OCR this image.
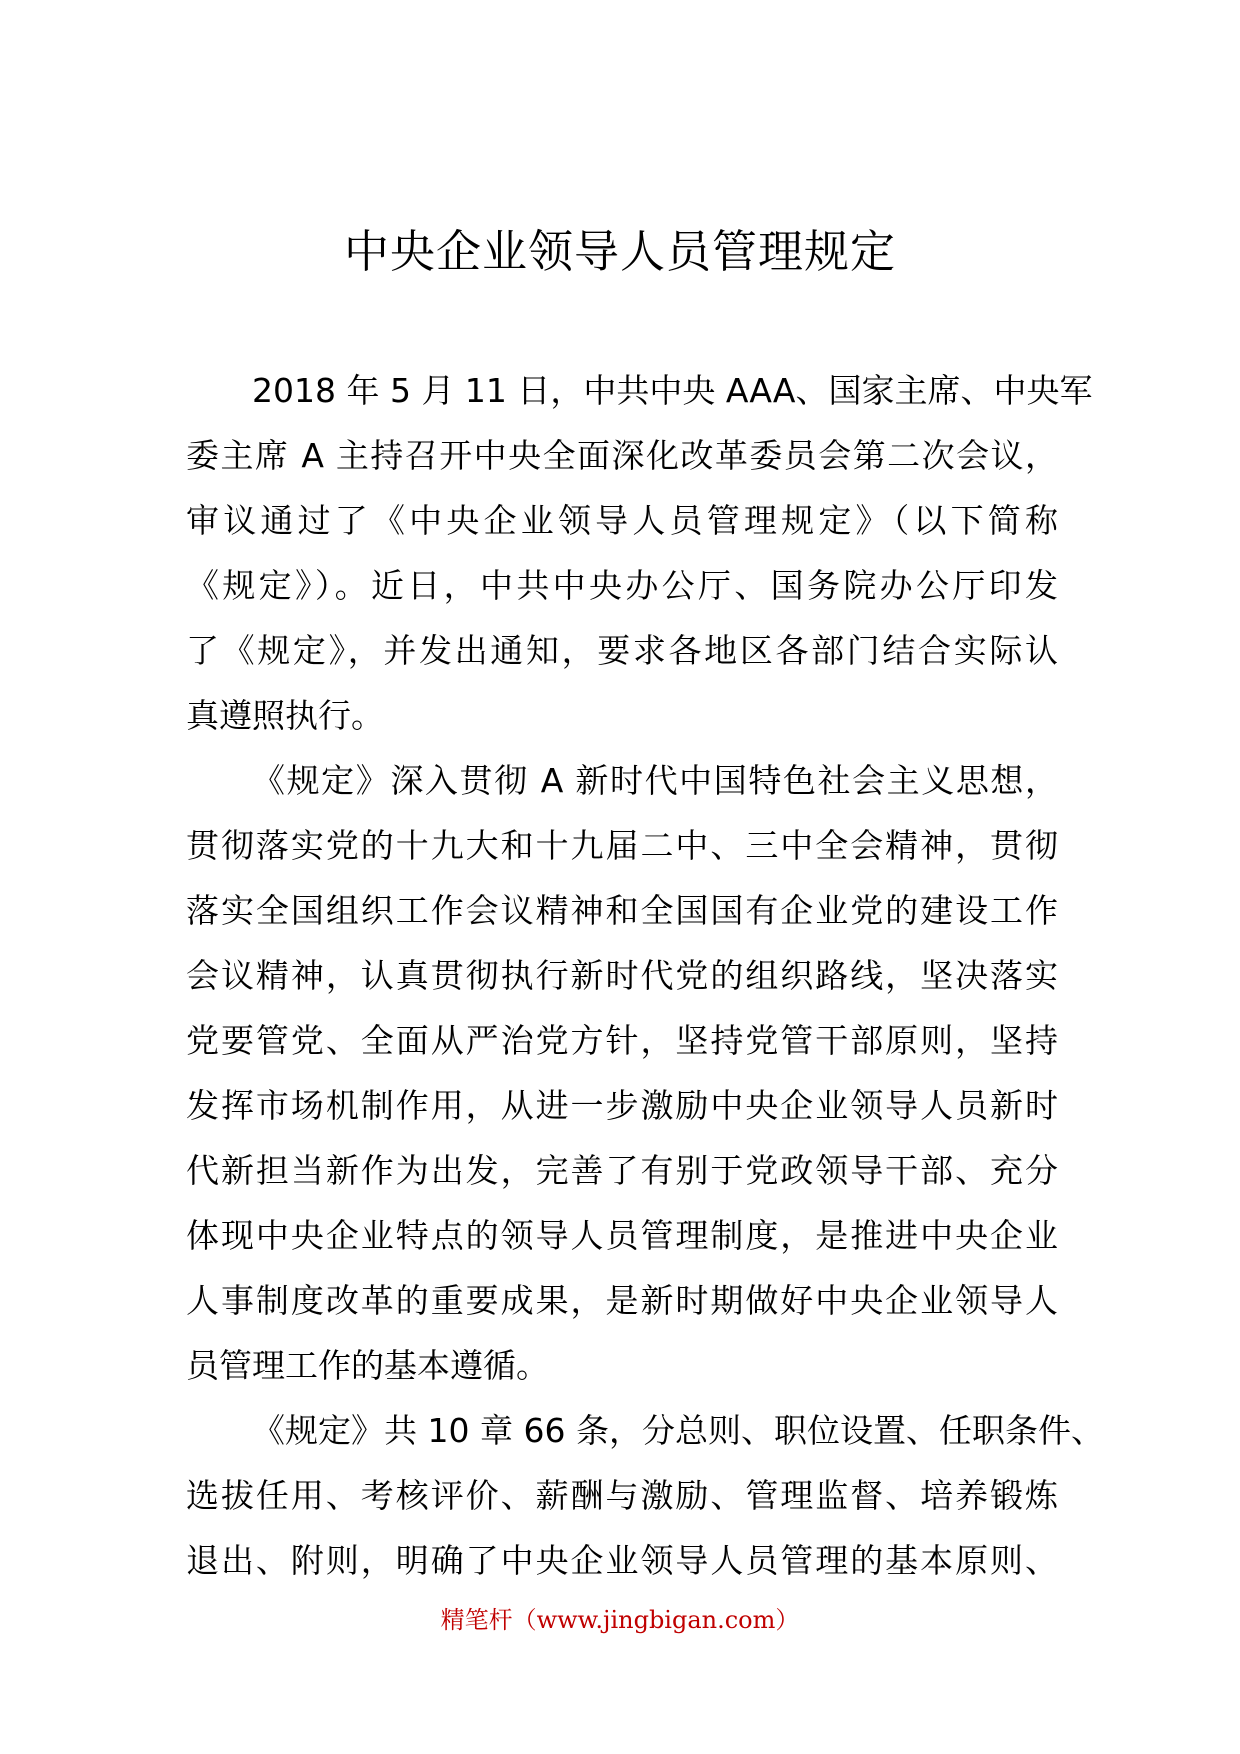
中央企业领导人员管理规定
2018 年 5 月 11 日，中共中央 AAA、国家主席、中央军
委主席 A 主持召开中央全面深化改革委员会第二次会议，
审议通过了《中央企业领导人员管理规定》（以下简称
《规定》）。近日，中共中央办公厅、国务院办公厅印发
了《规定》，并发出通知，要求各地区各部门结合实际认
真遵照执行。
《规定》深入贯彻 A 新时代中国特色社会主义思想，
贯彻落实党的十九大和十九届二中、三中全会精神，贯彻
落实全国组织工作会议精神和全国国有企业党的建设工作
会议精神，认真贯彻执行新时代党的组织路线，坚决落实
党要管党、全面从严治党方针，坚持党管干部原则，坚持
发挥市场机制作用，从进一步激励中央企业领导人员新时
代新担当新作为出发，完善了有别于党政领导干部、充分
体现中央企业特点的领导人员管理制度，是推进中央企业
人事制度改革的重要成果，是新时期做好中央企业领导人
员管理工作的基本遵循。
《规定》共 10 章 66 条，分总则、职位设置、任职条件、
选拔任用、考核评价、薪酬与激励、管理监督、培养锻炼
退出、附则，明确了中央企业领导人员管理的基本原则、
精笔杆（www.jingbigan.com）
